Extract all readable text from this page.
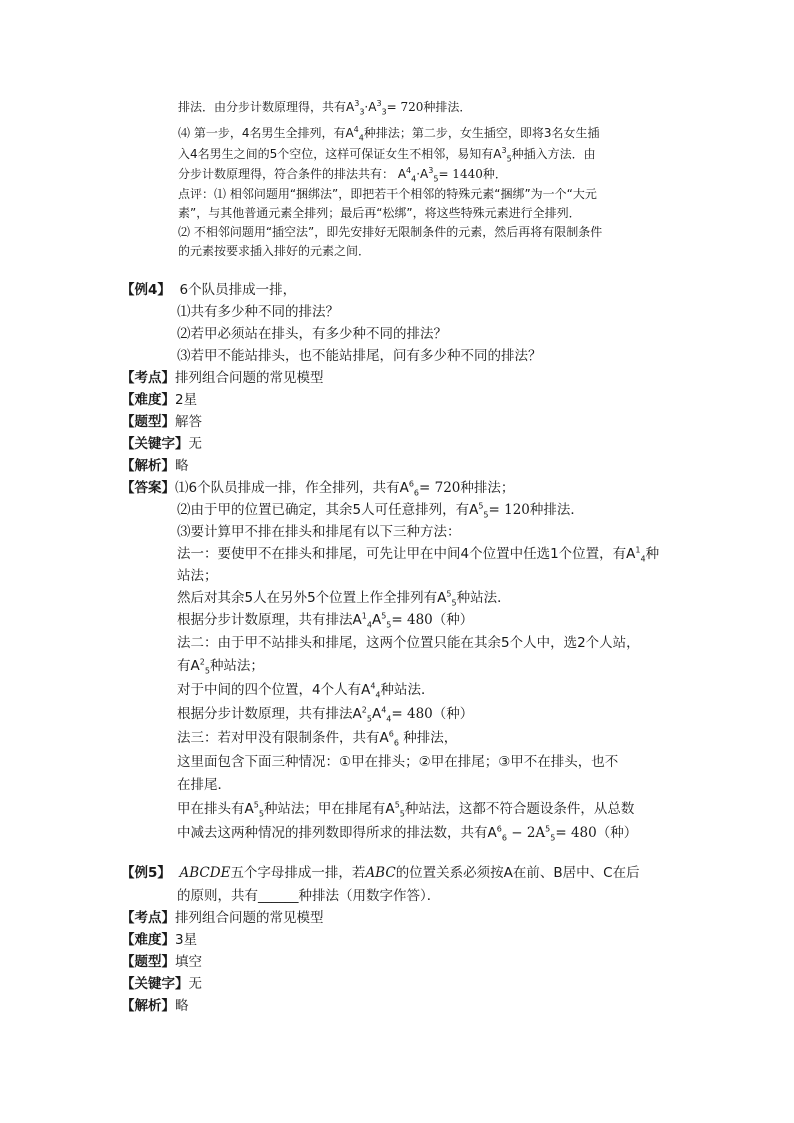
排法．由分步计数原理得，共有$A^3_3\cdot A^3_3= 720$种排法．
⑷ 第一步，4名男生全排列，有$A^4_4$种排法；第二步，女生插空，即将3名女生插
入4名男生之间的5个空位，这样可保证女生不相邻，易知有$A^3_5$种插入方法．由
分步计数原理得，符合条件的排法共有： $A^4_4\cdot A^3_5= 1440$种．
点评：⑴ 相邻问题用“捆绑法”，即把若干个相邻的特殊元素“捆绑”为一个“大元
素”，与其他普通元素全排列；最后再“松绑”，将这些特殊元素进行全排列．
⑵ 不相邻问题用“插空法”，即先安排好无限制条件的元素，然后再将有限制条件
的元素按要求插入排好的元素之间．
【例4】 6个队员排成一排，
⑴共有多少种不同的排法？
⑵若甲必须站在排头，有多少种不同的排法？
⑶若甲不能站排头，也不能站排尾，问有多少种不同的排法？
【考点】排列组合问题的常见模型
【难度】2星
【题型】解答
【关键字】无
【解析】略
【答案】⑴6个队员排成一排，作全排列，共有$A^6_6= 720$种排法；
⑵由于甲的位置已确定，其余5人可任意排列，有$A^5_5= 120$种排法．
⑶要计算甲不排在排头和排尾有以下三种方法：
法一：要使甲不在排头和排尾，可先让甲在中间4个位置中任选1个位置，有$A^1_4$种
站法；
然后对其余5人在另外5个位置上作全排列有$A^5_5$种站法．
根据分步计数原理，共有排法$A^1_4A^5_5= 480$（种）
法二：由于甲不站排头和排尾，这两个位置只能在其余5个人中，选2个人站，
有$A^2_5$种站法；
对于中间的四个位置，4个人有$A^4_4$种站法．
根据分步计数原理，共有排法$A^2_5A^4_4= 480$（种）
法三：若对甲没有限制条件，共有$A^6_6$ 种排法，
这里面包含下面三种情况：①甲在排头；②甲在排尾；③甲不在排头，也不
在排尾．
甲在排头有$A^5_5$种站法；甲在排尾有$A^5_5$种站法，这都不符合题设条件，从总数
中减去这两种情况的排列数即得所求的排法数，共有$A^6_6 - 2A^5_5= 480$（种）
【例5】 ABCDE五个字母排成一排，若ABC的位置关系必须按A在前、B居中、C在后
的原则，共有______种排法（用数字作答）．
【考点】排列组合问题的常见模型
【难度】3星
【题型】填空
【关键字】无
【解析】略
